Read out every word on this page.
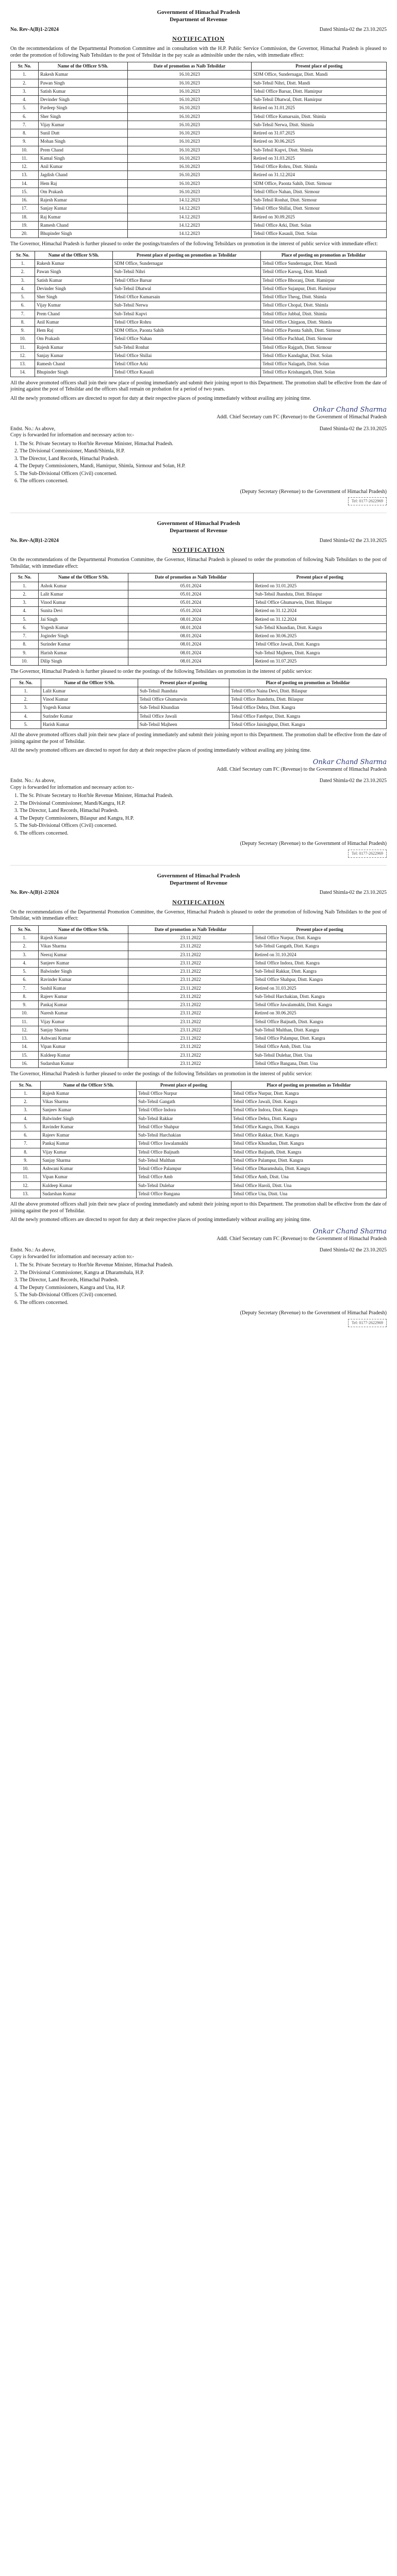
Government of Himachal Pradesh
Department of Revenue
No. Rev-A(B)1-2/2024	Dated Shimla-02 the 23.10.2025
NOTIFICATION

On the recommendations of the Departmental Promotion Committee and in consultation with the H.P. Public Service Commission, the Governor, Himachal Pradesh is pleased to order the promotion of following Naib Tehsildars to the post of Tehsildar in the pay scale as admissible under the rules, with immediate effect:

Sr. No.	Name of the Officer S/Sh.	Date of promotion as Naib Tehsildar	Present place of posting
1.	Rakesh Kumar	16.10.2023	SDM Office, Sundernagar, Distt. Mandi
2.	Pawan Singh	16.10.2023	Sub-Tehsil Nihri, Distt. Mandi
3.	Satish Kumar	16.10.2023	Tehsil Office Barsar, Distt. Hamirpur
4.	Devinder Singh	16.10.2023	Sub-Tehsil Dhatwal, Distt. Hamirpur
5.	Pardeep Singh	16.10.2023	Retired on 31.01.2025
6.	Sher Singh	16.10.2023	Tehsil Office Kumarsain, Distt. Shimla
7.	Vijay Kumar	16.10.2023	Sub-Tehsil Nerwa, Distt. Shimla
8.	Sunil Dutt	16.10.2023	Retired on 31.07.2025
9.	Mohan Singh	16.10.2023	Retired on 30.06.2025
10.	Prem Chand	16.10.2023	Sub-Tehsil Kupvi, Distt. Shimla
11.	Kamal Singh	16.10.2023	Retired on 31.03.2025
12.	Anil Kumar	16.10.2023	Tehsil Office Rohru, Distt. Shimla
13.	Jagdish Chand	16.10.2023	Retired on 31.12.2024
14.	Hem Raj	16.10.2023	SDM Office, Paonta Sahib, Distt. Sirmour
15.	Om Prakash	16.10.2023	Tehsil Office Nahan, Distt. Sirmour
16.	Rajesh Kumar	14.12.2023	Sub-Tehsil Ronhat, Distt. Sirmour
17.	Sanjay Kumar	14.12.2023	Tehsil Office Shillai, Distt. Sirmour
18.	Raj Kumar	14.12.2023	Retired on 30.09.2025
19.	Ramesh Chand	14.12.2023	Tehsil Office Arki, Distt. Solan
20.	Bhupinder Singh	14.12.2023	Tehsil Office Kasauli, Distt. Solan

The Governor, Himachal Pradesh is further pleased to order the postings/transfers of the following Tehsildars on promotion in the interest of public service with immediate effect:

Sr. No.	Name of the Officer S/Sh.	Present place of posting on promotion as Tehsildar	Place of posting on promotion as Tehsildar
1.	Rakesh Kumar	SDM Office, Sundernagar	Tehsil Office Sundernagar, Distt. Mandi
2.	Pawan Singh	Sub-Tehsil Nihri	Tehsil Office Karsog, Distt. Mandi
3.	Satish Kumar	Tehsil Office Barsar	Tehsil Office Bhoranj, Distt. Hamirpur
4.	Devinder Singh	Sub-Tehsil Dhatwal	Tehsil Office Sujanpur, Distt. Hamirpur
5.	Sher Singh	Tehsil Office Kumarsain	Tehsil Office Theog, Distt. Shimla
6.	Vijay Kumar	Sub-Tehsil Nerwa	Tehsil Office Chopal, Distt. Shimla
7.	Prem Chand	Sub-Tehsil Kupvi	Tehsil Office Jubbal, Distt. Shimla
8.	Anil Kumar	Tehsil Office Rohru	Tehsil Office Chirgaon, Distt. Shimla
9.	Hem Raj	SDM Office, Paonta Sahib	Tehsil Office Paonta Sahib, Distt. Sirmour
10.	Om Prakash	Tehsil Office Nahan	Tehsil Office Pachhad, Distt. Sirmour
11.	Rajesh Kumar	Sub-Tehsil Ronhat	Tehsil Office Rajgarh, Distt. Sirmour
12.	Sanjay Kumar	Tehsil Office Shillai	Tehsil Office Kandaghat, Distt. Solan
13.	Ramesh Chand	Tehsil Office Arki	Tehsil Office Nalagarh, Distt. Solan
14.	Bhupinder Singh	Tehsil Office Kasauli	Tehsil Office Krishangarh, Distt. Solan

All the above promoted officers shall join their new place of posting immediately and submit their joining report to this Department. The promotion shall be effective from the date of joining against the post of Tehsildar and the officers shall remain on probation for a period of two years.

All the newly promoted officers are directed to report for duty at their respective places of posting immediately without availing any joining time.

Onkar Chand Sharma
Addl. Chief Secretary cum FC (Revenue) to the Government of Himachal Pradesh
Endst. No.: As above,	Dated Shimla-02 the 23.10.2025
Copy is forwarded for information and necessary action to:-
1. The Sr. Private Secretary to Hon'ble Revenue Minister, Himachal Pradesh.
2. The Divisional Commissioner, Mandi/Shimla, H.P.
3. The Director, Land Records, Himachal Pradesh.
4. The Deputy Commissioners, Mandi, Hamirpur, Shimla, Sirmour and Solan, H.P.
5. The Sub-Divisional Officers (Civil) concerned.
6. The officers concerned.
(Deputy Secretary (Revenue) to the Government of Himachal Pradesh)
Tel: 0177-2622969
Government of Himachal Pradesh
Department of Revenue
No. Rev-A(B)1-2/2024	Dated Shimla-02 the 23.10.2025
NOTIFICATION

On the recommendations of the Departmental Promotion Committee, the Governor, Himachal Pradesh is pleased to order the promotion of following Naib Tehsildars to the post of Tehsildar, with immediate effect:

Sr. No.	Name of the Officer S/Sh.	Date of promotion as Naib Tehsildar	Present place of posting
1.	Ashok Kumar	05.01.2024	Retired on 31.01.2025
2.	Lalit Kumar	05.01.2024	Sub-Tehsil Jhanduta, Distt. Bilaspur
3.	Vinod Kumar	05.01.2024	Tehsil Office Ghumarwin, Distt. Bilaspur
4.	Sunita Devi	05.01.2024	Retired on 31.12.2024
5.	Jai Singh	08.01.2024	Retired on 31.12.2024
6.	Yogesh Kumar	08.01.2024	Sub-Tehsil Khundian, Distt. Kangra
7.	Joginder Singh	08.01.2024	Retired on 30.06.2025
8.	Surinder Kumar	08.01.2024	Tehsil Office Jawali, Distt. Kangra
9.	Harish Kumar	08.01.2024	Sub-Tehsil Majheen, Distt. Kangra
10.	Dilip Singh	08.01.2024	Retired on 31.07.2025

The Governor, Himachal Pradesh is further pleased to order the postings of the following Tehsildars on promotion in the interest of public service:

Sr. No.	Name of the Officer S/Sh.	Present place of posting	Place of posting on promotion as Tehsildar
1.	Lalit Kumar	Sub-Tehsil Jhanduta	Tehsil Office Naina Devi, Distt. Bilaspur
2.	Vinod Kumar	Tehsil Office Ghumarwin	Tehsil Office Jhandutta, Distt. Bilaspur
3.	Yogesh Kumar	Sub-Tehsil Khundian	Tehsil Office Dehra, Distt. Kangra
4.	Surinder Kumar	Tehsil Office Jawali	Tehsil Office Fatehpur, Distt. Kangra
5.	Harish Kumar	Sub-Tehsil Majheen	Tehsil Office Jaisinghpur, Distt. Kangra

All the above promoted officers shall join their new place of posting immediately and submit their joining report to this Department. The promotion shall be effective from the date of joining against the post of Tehsildar.

All the newly promoted officers are directed to report for duty at their respective places of posting immediately without availing any joining time.

Onkar Chand Sharma
Addl. Chief Secretary cum FC (Revenue) to the Government of Himachal Pradesh
Endst. No.: As above,	Dated Shimla-02 the 23.10.2025
Copy is forwarded for information and necessary action to:-
1. The Sr. Private Secretary to Hon'ble Revenue Minister, Himachal Pradesh.
2. The Divisional Commissioner, Mandi/Kangra, H.P.
3. The Director, Land Records, Himachal Pradesh.
4. The Deputy Commissioners, Bilaspur and Kangra, H.P.
5. The Sub-Divisional Officers (Civil) concerned.
6. The officers concerned.
(Deputy Secretary (Revenue) to the Government of Himachal Pradesh)
Tel: 0177-2622969
Government of Himachal Pradesh
Department of Revenue
No. Rev-A(B)1-2/2024	Dated Shimla-02 the 23.10.2025
NOTIFICATION

On the recommendations of the Departmental Promotion Committee, the Governor, Himachal Pradesh is pleased to order the promotion of following Naib Tehsildars to the post of Tehsildar, with immediate effect:

Sr. No.	Name of the Officer S/Sh.	Date of promotion as Naib Tehsildar	Present place of posting
1.	Rajesh Kumar	23.11.2022	Tehsil Office Nurpur, Distt. Kangra
2.	Vikas Sharma	23.11.2022	Sub-Tehsil Gangath, Distt. Kangra
3.	Neeraj Kumar	23.11.2022	Retired on 31.10.2024
4.	Sanjeev Kumar	23.11.2022	Tehsil Office Indora, Distt. Kangra
5.	Balwinder Singh	23.11.2022	Sub-Tehsil Rakkar, Distt. Kangra
6.	Ravinder Kumar	23.11.2022	Tehsil Office Shahpur, Distt. Kangra
7.	Sushil Kumar	23.11.2022	Retired on 31.03.2025
8.	Rajeev Kumar	23.11.2022	Sub-Tehsil Harchakian, Distt. Kangra
9.	Pankaj Kumar	23.11.2022	Tehsil Office Jawalamukhi, Distt. Kangra
10.	Naresh Kumar	23.11.2022	Retired on 30.06.2025
11.	Vijay Kumar	23.11.2022	Tehsil Office Baijnath, Distt. Kangra
12.	Sanjay Sharma	23.11.2022	Sub-Tehsil Multhan, Distt. Kangra
13.	Ashwani Kumar	23.11.2022	Tehsil Office Palampur, Distt. Kangra
14.	Vipan Kumar	23.11.2022	Tehsil Office Amb, Distt. Una
15.	Kuldeep Kumar	23.11.2022	Sub-Tehsil Dulehar, Distt. Una
16.	Sudarshan Kumar	23.11.2022	Tehsil Office Bangana, Distt. Una

The Governor, Himachal Pradesh is further pleased to order the postings of the following Tehsildars on promotion in the interest of public service:

Sr. No.	Name of the Officer S/Sh.	Present place of posting	Place of posting on promotion as Tehsildar
1.	Rajesh Kumar	Tehsil Office Nurpur	Tehsil Office Nurpur, Distt. Kangra
2.	Vikas Sharma	Sub-Tehsil Gangath	Tehsil Office Jawali, Distt. Kangra
3.	Sanjeev Kumar	Tehsil Office Indora	Tehsil Office Indora, Distt. Kangra
4.	Balwinder Singh	Sub-Tehsil Rakkar	Tehsil Office Dehra, Distt. Kangra
5.	Ravinder Kumar	Tehsil Office Shahpur	Tehsil Office Kangra, Distt. Kangra
6.	Rajeev Kumar	Sub-Tehsil Harchakian	Tehsil Office Rakkar, Distt. Kangra
7.	Pankaj Kumar	Tehsil Office Jawalamukhi	Tehsil Office Khundian, Distt. Kangra
8.	Vijay Kumar	Tehsil Office Baijnath	Tehsil Office Baijnath, Distt. Kangra
9.	Sanjay Sharma	Sub-Tehsil Multhan	Tehsil Office Palampur, Distt. Kangra
10.	Ashwani Kumar	Tehsil Office Palampur	Tehsil Office Dharamshala, Distt. Kangra
11.	Vipan Kumar	Tehsil Office Amb	Tehsil Office Amb, Distt. Una
12.	Kuldeep Kumar	Sub-Tehsil Dulehar	Tehsil Office Haroli, Distt. Una
13.	Sudarshan Kumar	Tehsil Office Bangana	Tehsil Office Una, Distt. Una

All the above promoted officers shall join their new place of posting immediately and submit their joining report to this Department. The promotion shall be effective from the date of joining against the post of Tehsildar.

All the newly promoted officers are directed to report for duty at their respective places of posting immediately without availing any joining time.

Onkar Chand Sharma
Addl. Chief Secretary cum FC (Revenue) to the Government of Himachal Pradesh
Endst. No.: As above,	Dated Shimla-02 the 23.10.2025
Copy is forwarded for information and necessary action to:-
1. The Sr. Private Secretary to Hon'ble Revenue Minister, Himachal Pradesh.
2. The Divisional Commissioner, Kangra at Dharamshala, H.P.
3. The Director, Land Records, Himachal Pradesh.
4. The Deputy Commissioners, Kangra and Una, H.P.
5. The Sub-Divisional Officers (Civil) concerned.
6. The officers concerned.
(Deputy Secretary (Revenue) to the Government of Himachal Pradesh)
Tel: 0177-2622969
